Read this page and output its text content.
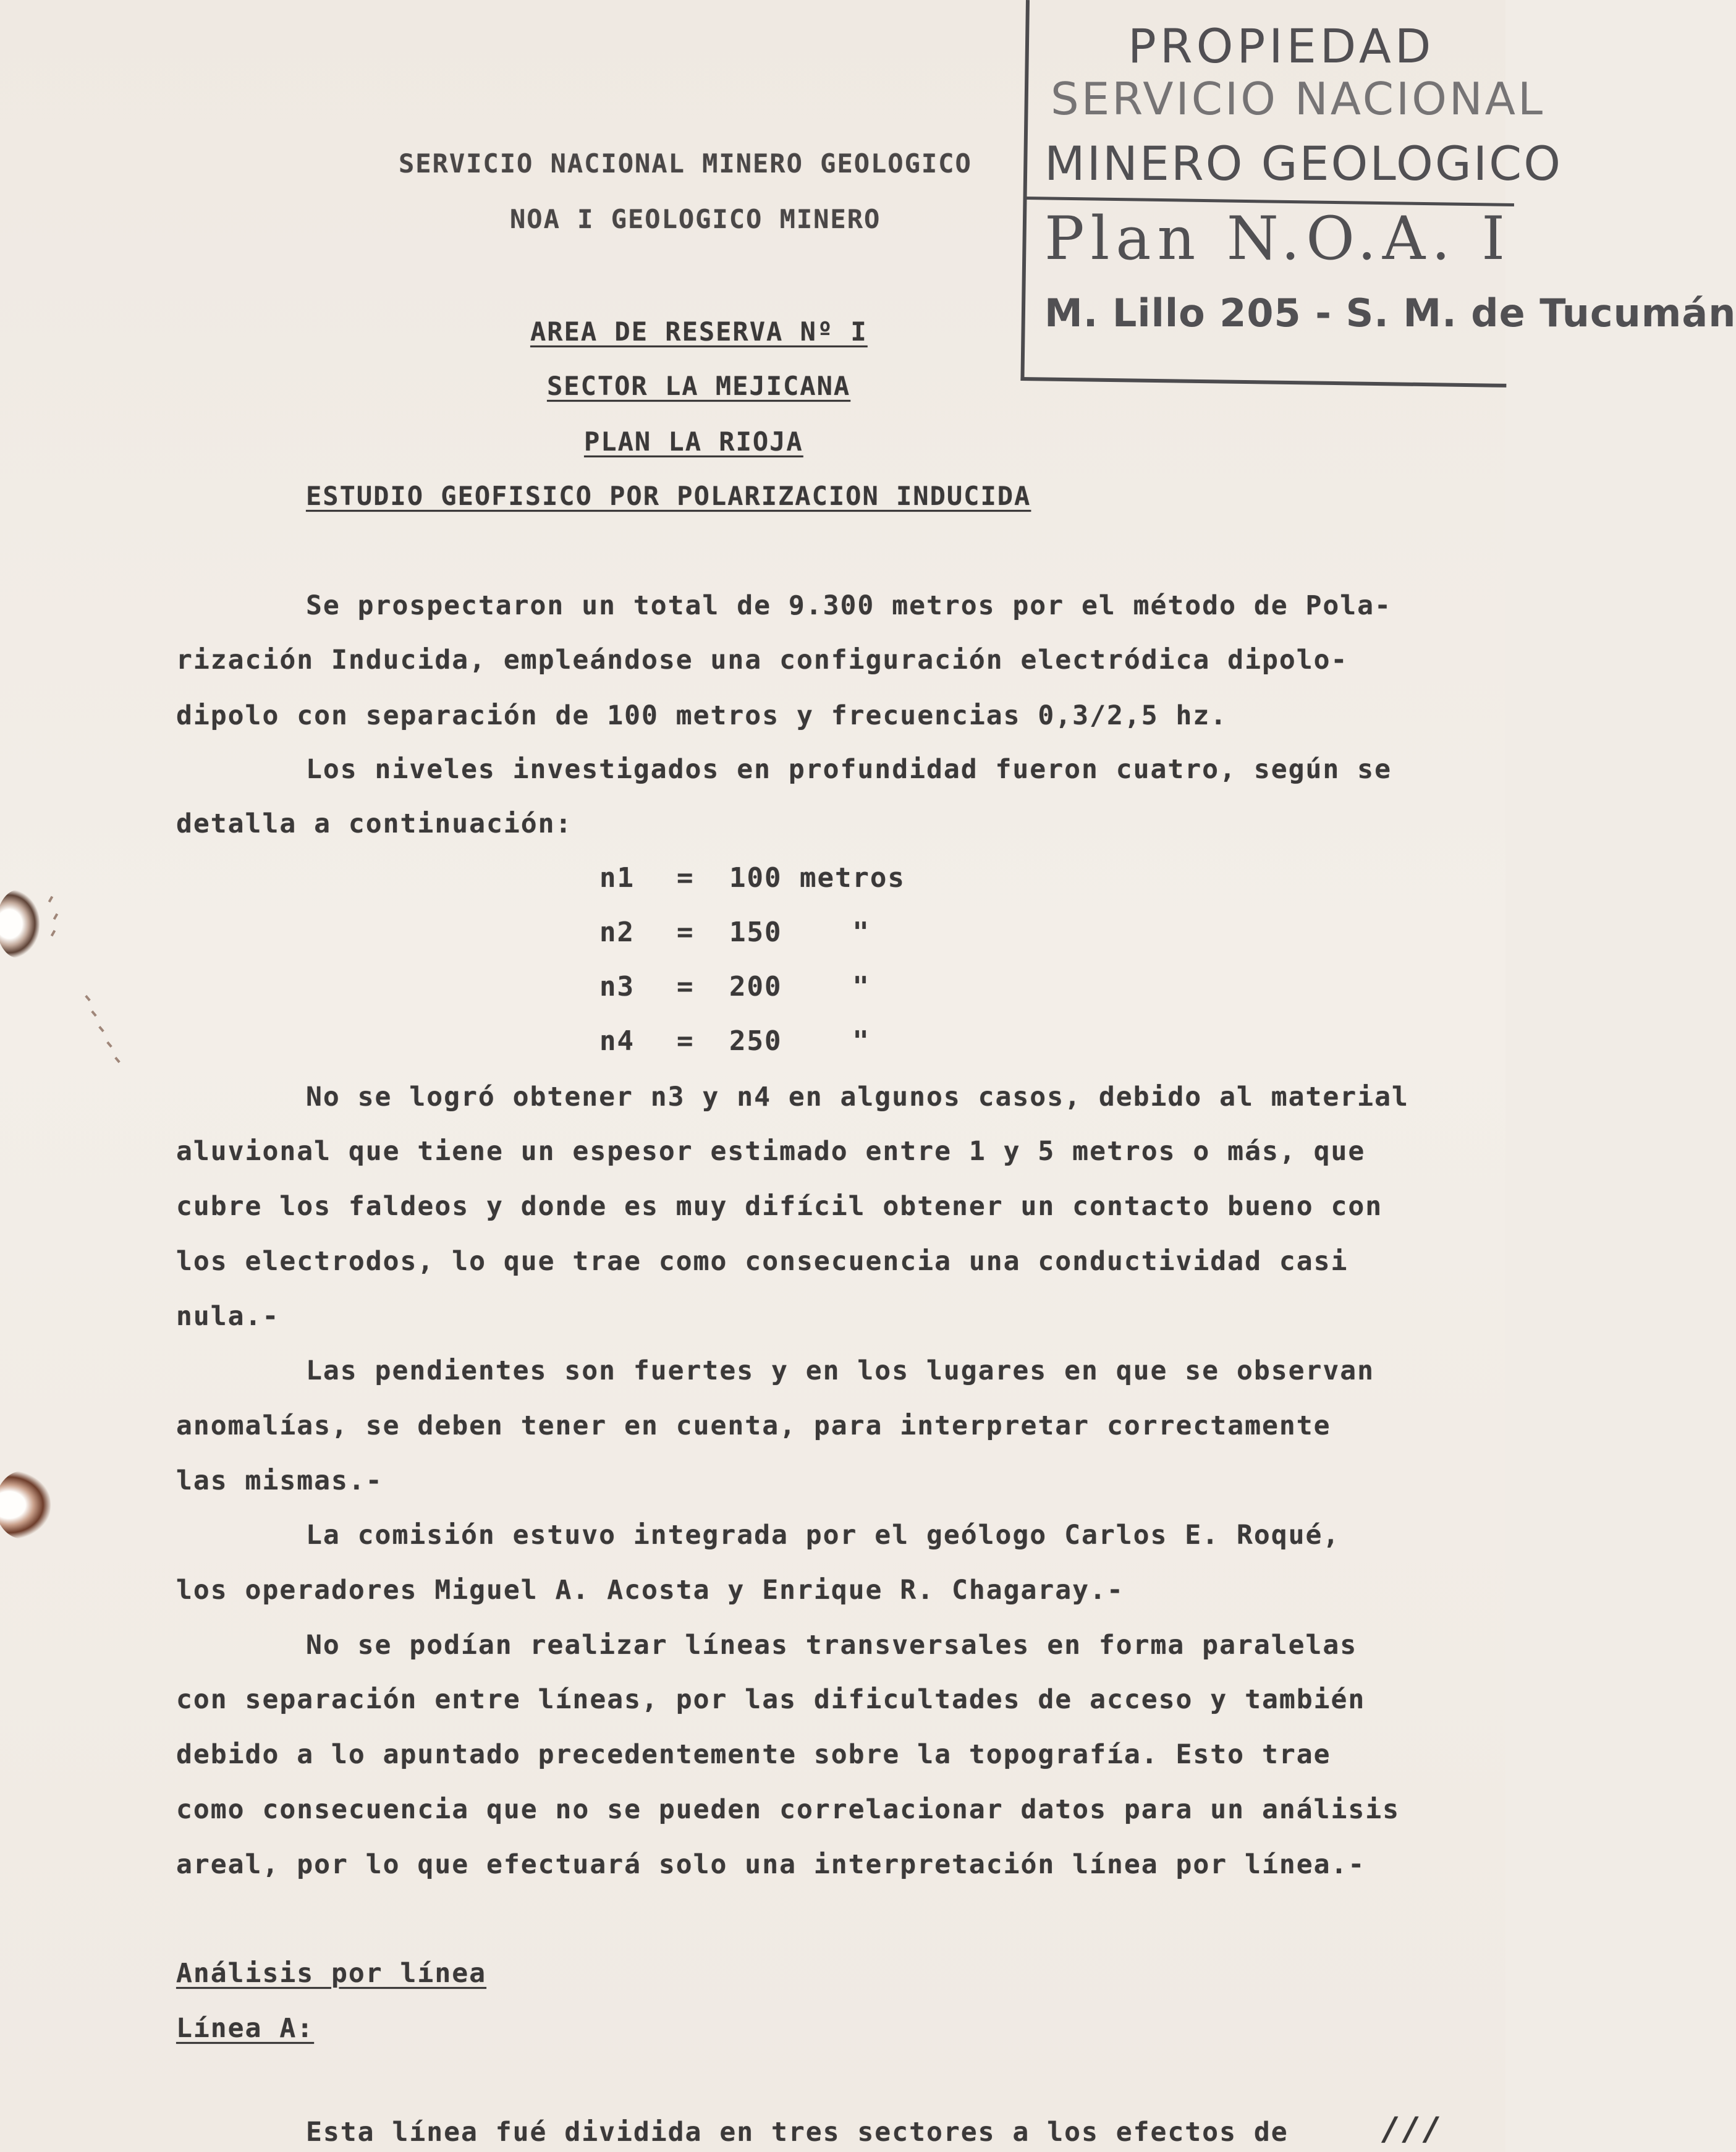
PROPIEDAD
SERVICIO NACIONAL
MINERO GEOLOGICO
Plan N.O.A. I
M. Lillo 205 - S. M. de Tucumán
SERVICIO NACIONAL MINERO GEOLOGICO
NOA I GEOLOGICO MINERO
AREA DE RESERVA Nº I
SECTOR LA MEJICANA
PLAN LA RIOJA
ESTUDIO GEOFISICO POR POLARIZACION INDUCIDA
Se prospectaron un total de 9.300 metros por el método de Pola-
rización Inducida, empleándose una configuración electródica dipolo-
dipolo con separación de 100 metros y frecuencias 0,3/2,5 hz.
Los niveles investigados en profundidad fueron cuatro, según se
detalla a continuación:
n1 = 100 metros
n2 = 150    "
n3 = 200    "
n4 = 250    "
No se logró obtener n3 y n4 en algunos casos, debido al material
aluvional que tiene un espesor estimado entre 1 y 5 metros o más, que
cubre los faldeos y donde es muy difícil obtener un contacto bueno con
los electrodos, lo que trae como consecuencia una conductividad casi
nula.-
Las pendientes son fuertes y en los lugares en que se observan
anomalías, se deben tener en cuenta, para interpretar correctamente
las mismas.-
La comisión estuvo integrada por el geólogo Carlos E. Roqué,
los operadores Miguel A. Acosta y Enrique R. Chagaray.-
No se podían realizar líneas transversales en forma paralelas
con separación entre líneas, por las dificultades de acceso y también
debido a lo apuntado precedentemente sobre la topografía. Esto trae
como consecuencia que no se pueden correlacionar datos para un análisis
areal, por lo que efectuará solo una interpretación línea por línea.-
Análisis por línea
Línea A:
Esta línea fué dividida en tres sectores a los efectos de	///
